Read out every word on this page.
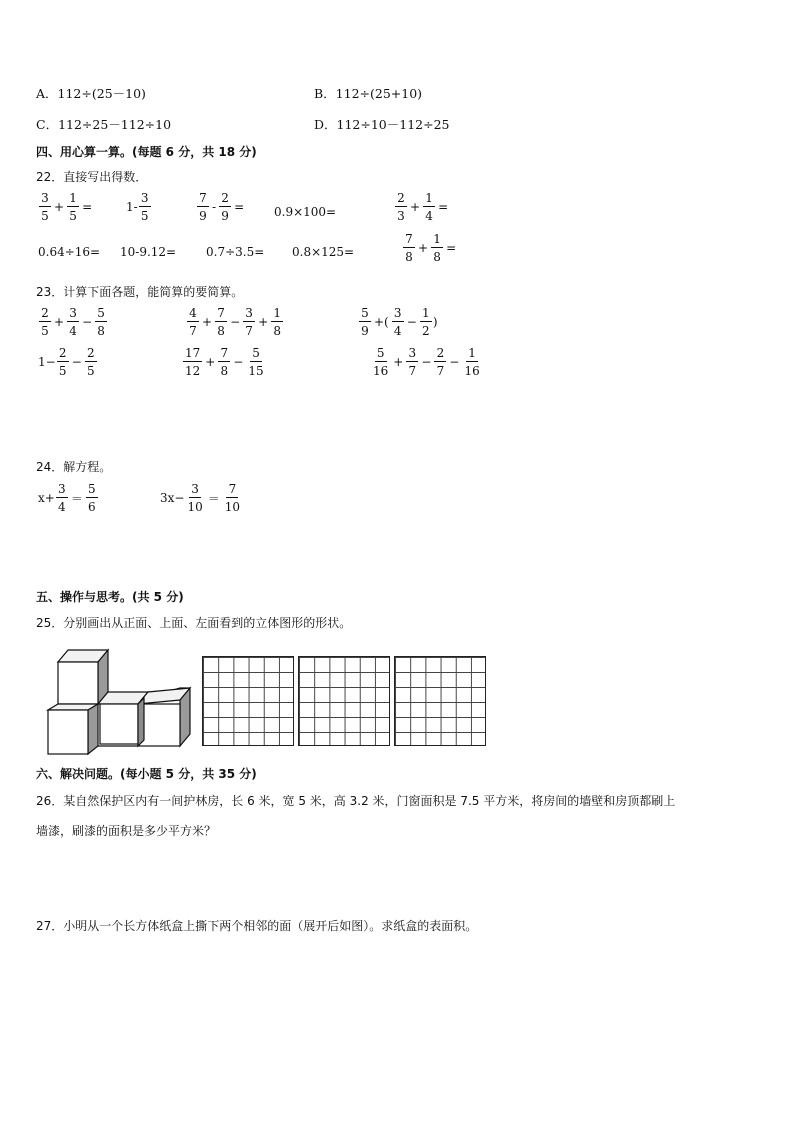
A．112÷(25－10)	B．112÷(25+10)
C．112÷25－112÷10	D．112÷10－112÷25
四、用心算一算。(每题 6 分，共 18 分)
22．直接写出得数．
$\frac{3}{5} + \frac{1}{5}$ =	$1- \frac{3}{5}$	$\frac{7}{9} - \frac{2}{9} = 0.9\times 100=$	$\frac{2}{3} + \frac{1}{4}$ =
0.64÷16= 10-9.12= 0.7÷3.5= 0.8×125=	$\frac{7}{8} + \frac{1}{8}$ =
23．计算下面各题，能简算的要简算。
$\frac{2}{5} + \frac{3}{4} - \frac{5}{8}$	$\frac{4}{7} + \frac{7}{8} - \frac{3}{7} + \frac{1}{8}$	$\frac{5}{9}$ +( $\frac{3}{4} - \frac{1}{2}$ )
$1- \frac{2}{5} - \frac{2}{5}$	$\frac{17}{12} + \frac{7}{8} - \frac{5}{15}$	$\frac{5}{16} + \frac{3}{7} - \frac{2}{7} - \frac{1}{16}$
24．解方程。
$x+ \frac{3}{4} = \frac{5}{6}$	$3x- \frac{3}{10} = \frac{7}{10}$
五、操作与思考。(共 5 分)
25．分别画出从正面、上面、左面看到的立体图形的形状。
六、解决问题。(每小题 5 分，共 35 分)
26．某自然保护区内有一间护林房，长 6 米，宽 5 米，高 3.2 米，门窗面积是 7.5 平方米，将房间的墙壁和房顶都刷上
墙漆，刷漆的面积是多少平方米？
27．小明从一个长方体纸盒上撕下两个相邻的面（展开后如图）。求纸盒的表面积。
